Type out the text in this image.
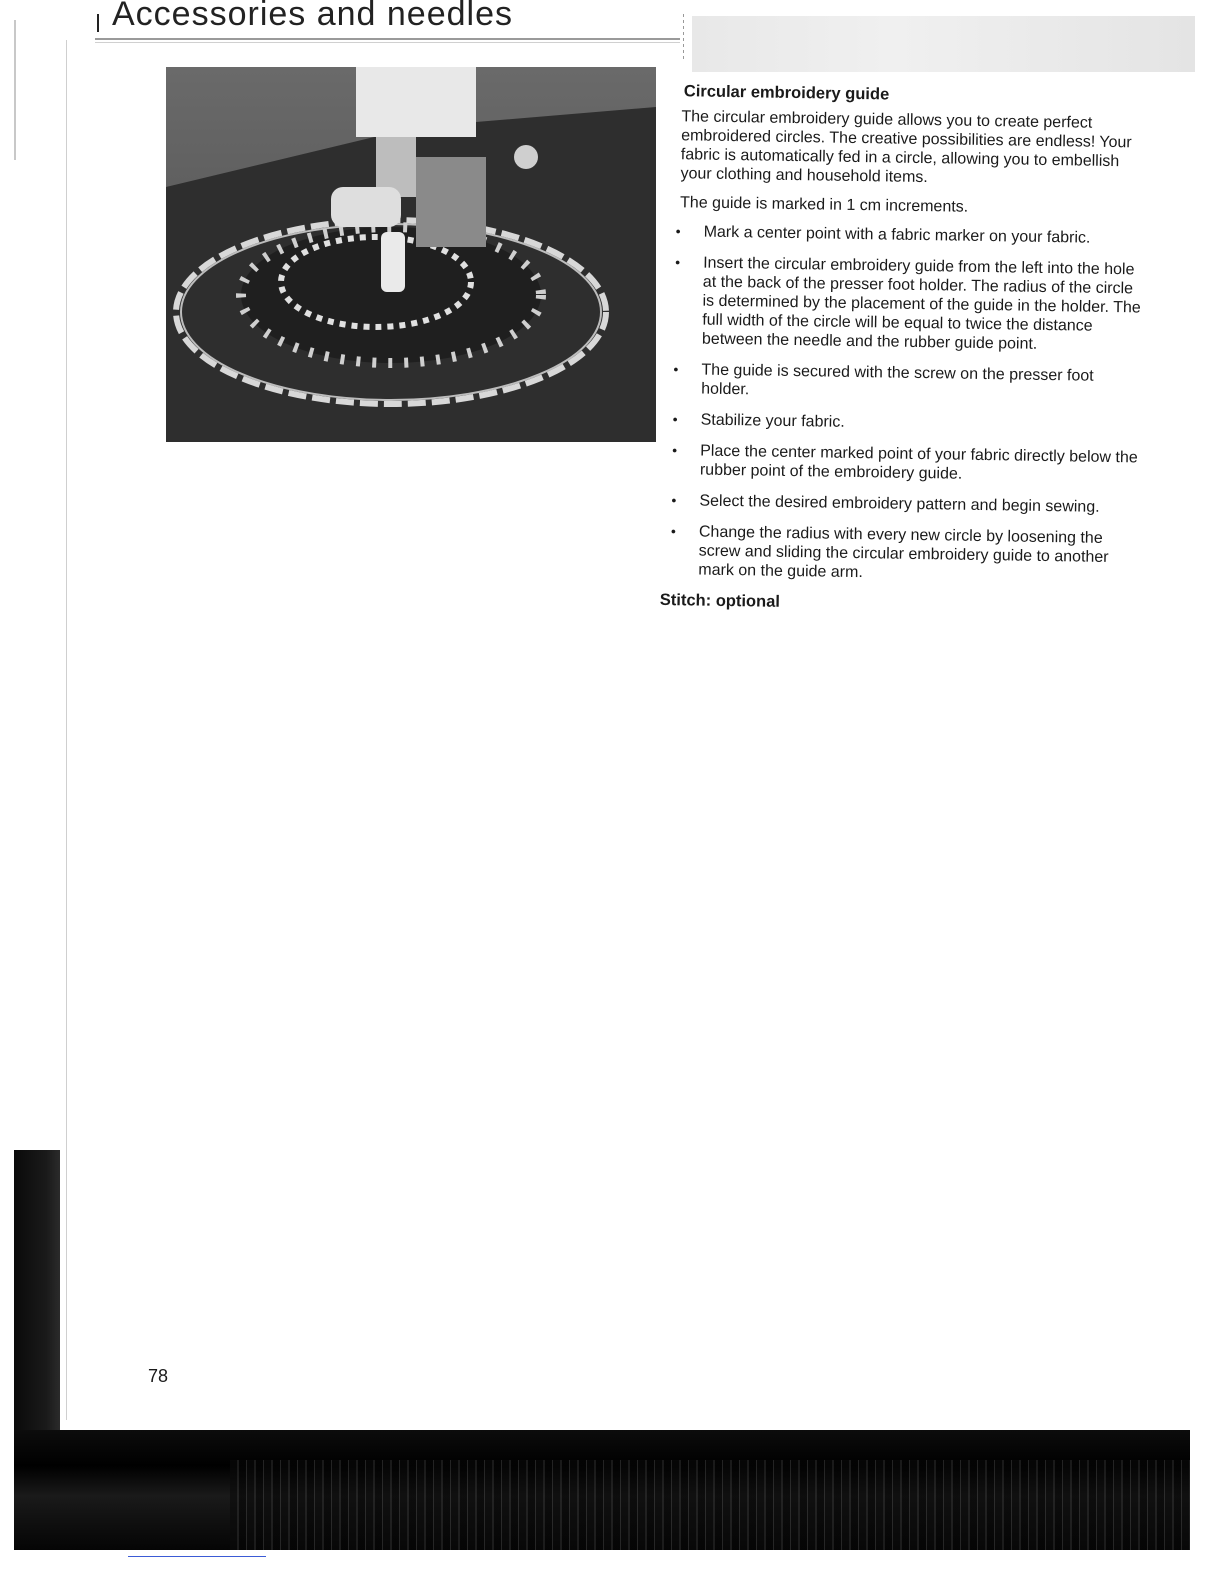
Accessories and needles
Circular embroidery guide

The circular embroidery guide allows you to create perfect embroidered circles. The creative possibilities are endless! Your fabric is automatically fed in a circle, allowing you to embellish your clothing and household items.

The guide is marked in 1 cm increments.

• Mark a center point with a fabric marker on your fabric.
• Insert the circular embroidery guide from the left into the hole at the back of the presser foot holder. The radius of the circle is determined by the placement of the guide in the holder. The full width of the circle will be equal to twice the distance between the needle and the rubber guide point.
• The guide is secured with the screw on the presser foot holder.
• Stabilize your fabric.
• Place the center marked point of your fabric directly below the rubber point of the embroidery guide.
• Select the desired embroidery pattern and begin sewing.
• Change the radius with every new circle by loosening the screw and sliding the circular embroidery guide to another mark on the guide arm.
Stitch: optional
78
